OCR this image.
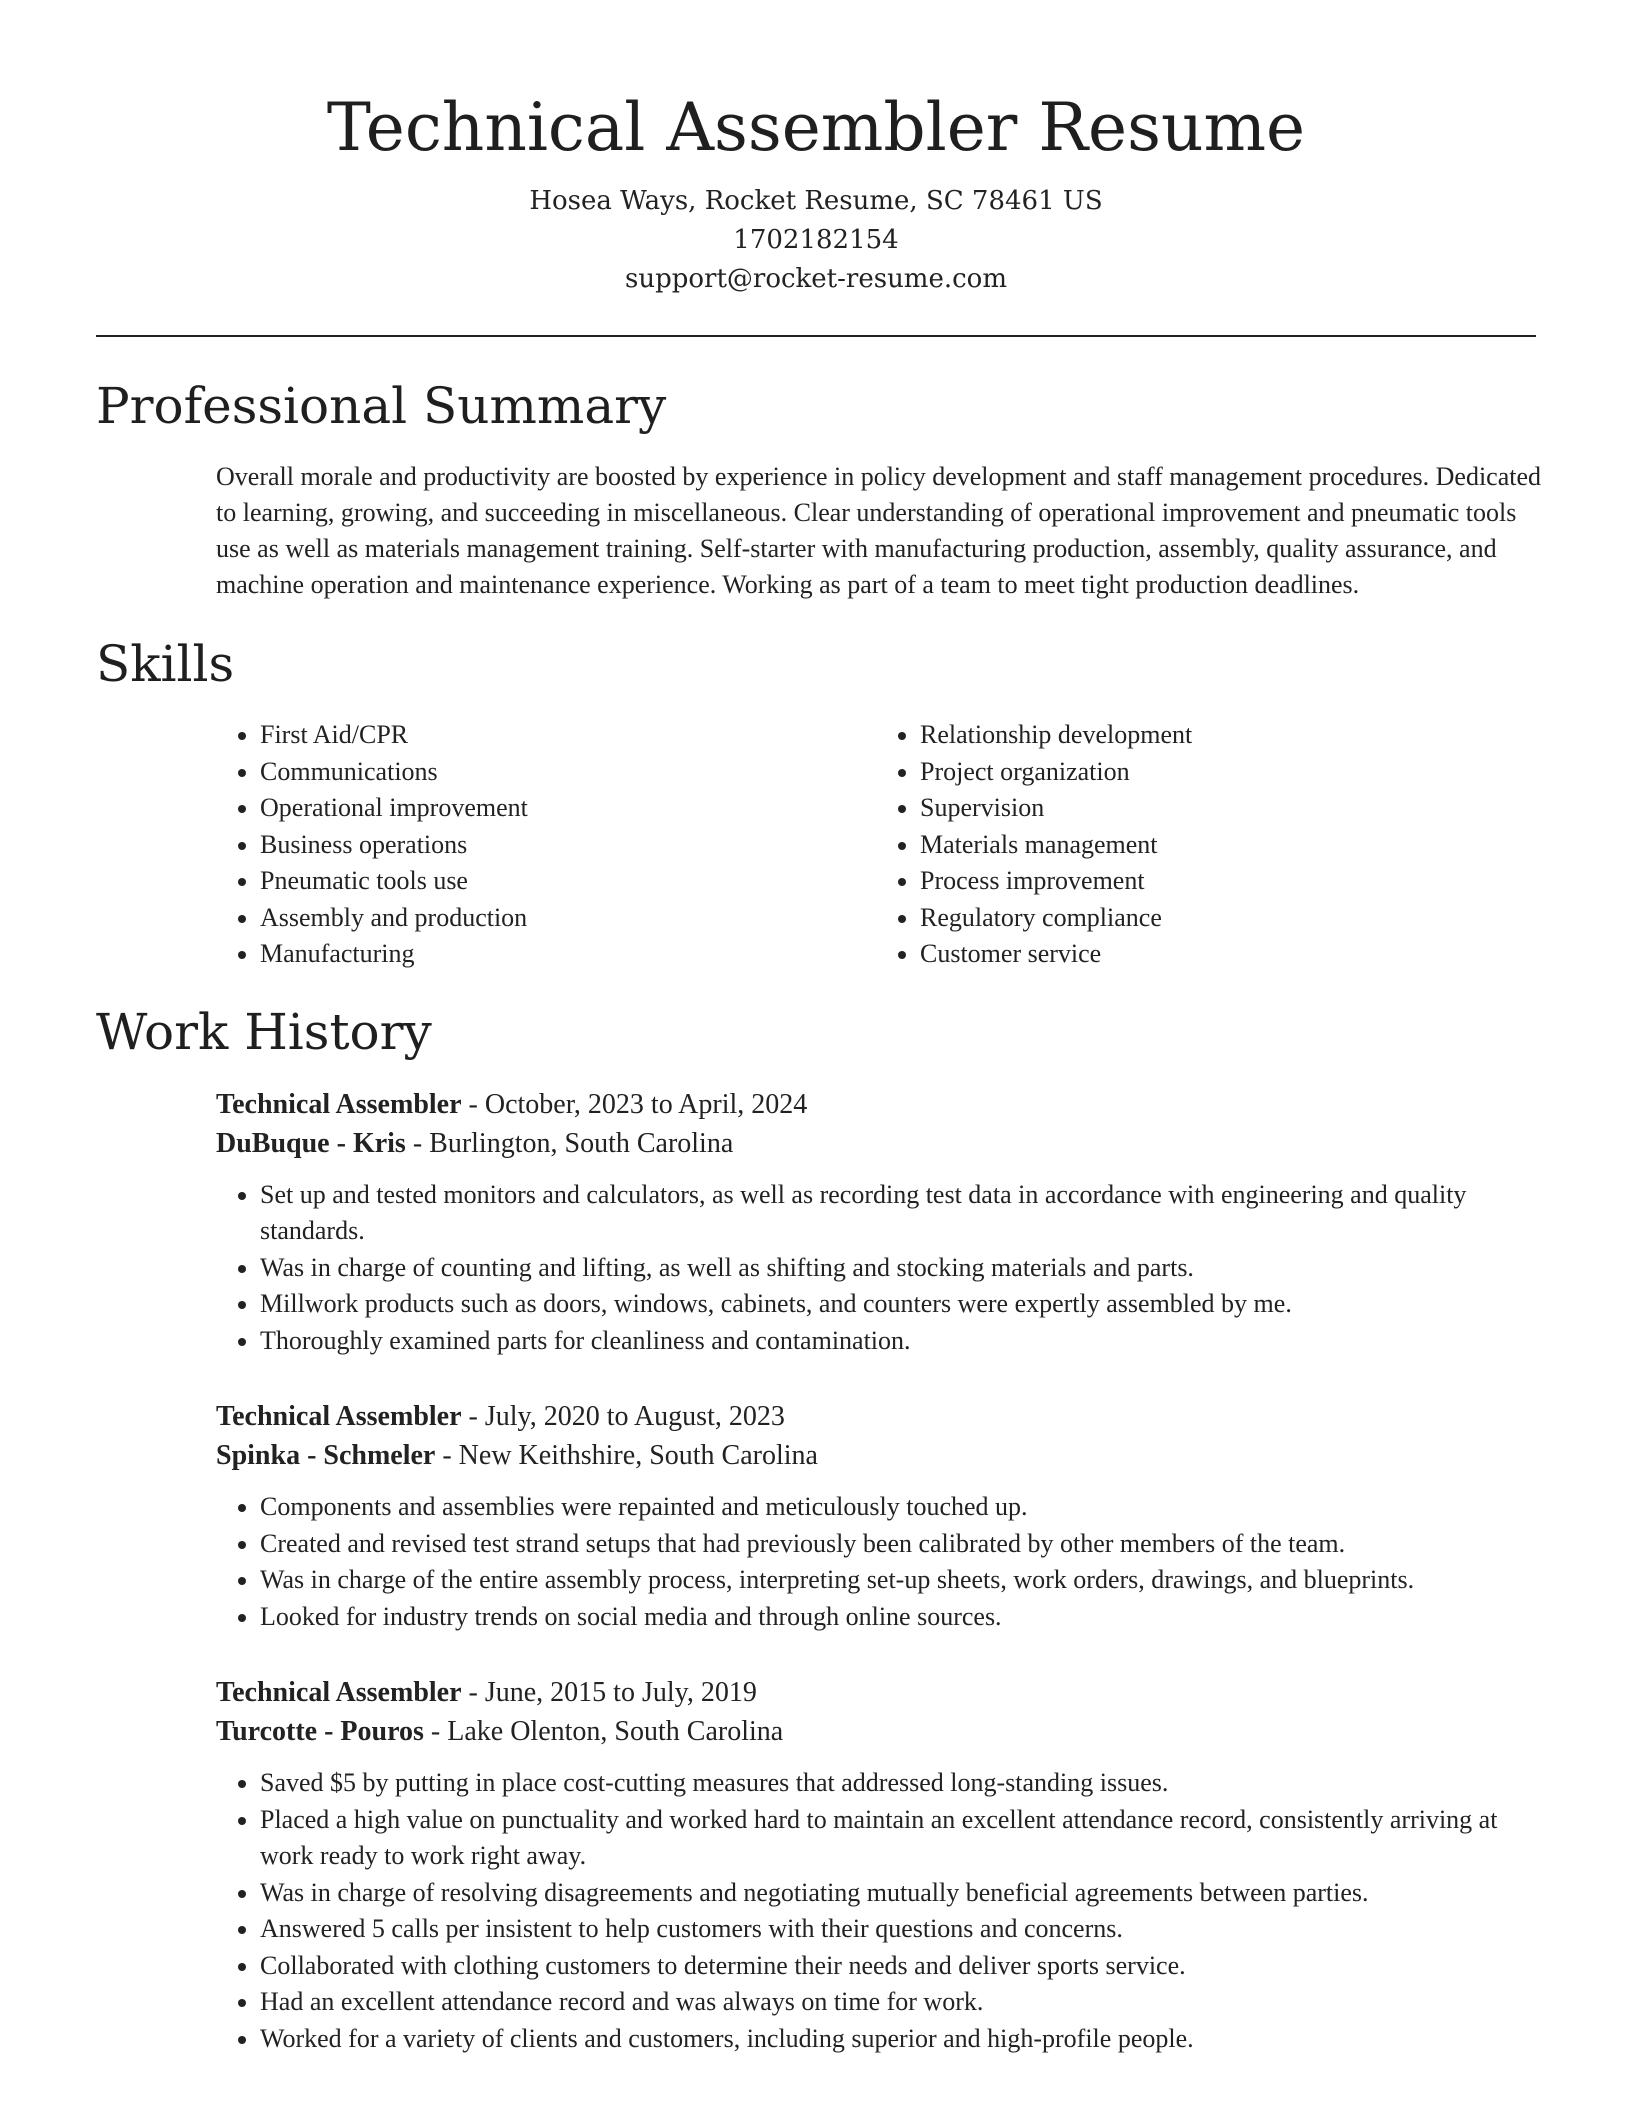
Technical Assembler Resume
Hosea Ways, Rocket Resume, SC 78461 US
1702182154
support@rocket-resume.com
Professional Summary

Overall morale and productivity are boosted by experience in policy development and staff management procedures. Dedicated to learning, growing, and succeeding in miscellaneous. Clear understanding of operational improvement and pneumatic tools use as well as materials management training. Self-starter with manufacturing production, assembly, quality assurance, and machine operation and maintenance experience. Working as part of a team to meet tight production deadlines.

Skills
• First Aid/CPR
• Communications
• Operational improvement
• Business operations
• Pneumatic tools use
• Assembly and production
• Manufacturing
• Relationship development
• Project organization
• Supervision
• Materials management
• Process improvement
• Regulatory compliance
• Customer service
Work History
Technical Assembler - October, 2023 to April, 2024
DuBuque - Kris - Burlington, South Carolina
• Set up and tested monitors and calculators, as well as recording test data in accordance with engineering and quality standards.
• Was in charge of counting and lifting, as well as shifting and stocking materials and parts.
• Millwork products such as doors, windows, cabinets, and counters were expertly assembled by me.
• Thoroughly examined parts for cleanliness and contamination.
Technical Assembler - July, 2020 to August, 2023
Spinka - Schmeler - New Keithshire, South Carolina
• Components and assemblies were repainted and meticulously touched up.
• Created and revised test strand setups that had previously been calibrated by other members of the team.
• Was in charge of the entire assembly process, interpreting set-up sheets, work orders, drawings, and blueprints.
• Looked for industry trends on social media and through online sources.
Technical Assembler - June, 2015 to July, 2019
Turcotte - Pouros - Lake Olenton, South Carolina
• Saved $5 by putting in place cost-cutting measures that addressed long-standing issues.
• Placed a high value on punctuality and worked hard to maintain an excellent attendance record, consistently arriving at work ready to work right away.
• Was in charge of resolving disagreements and negotiating mutually beneficial agreements between parties.
• Answered 5 calls per insistent to help customers with their questions and concerns.
• Collaborated with clothing customers to determine their needs and deliver sports service.
• Had an excellent attendance record and was always on time for work.
• Worked for a variety of clients and customers, including superior and high-profile people.
